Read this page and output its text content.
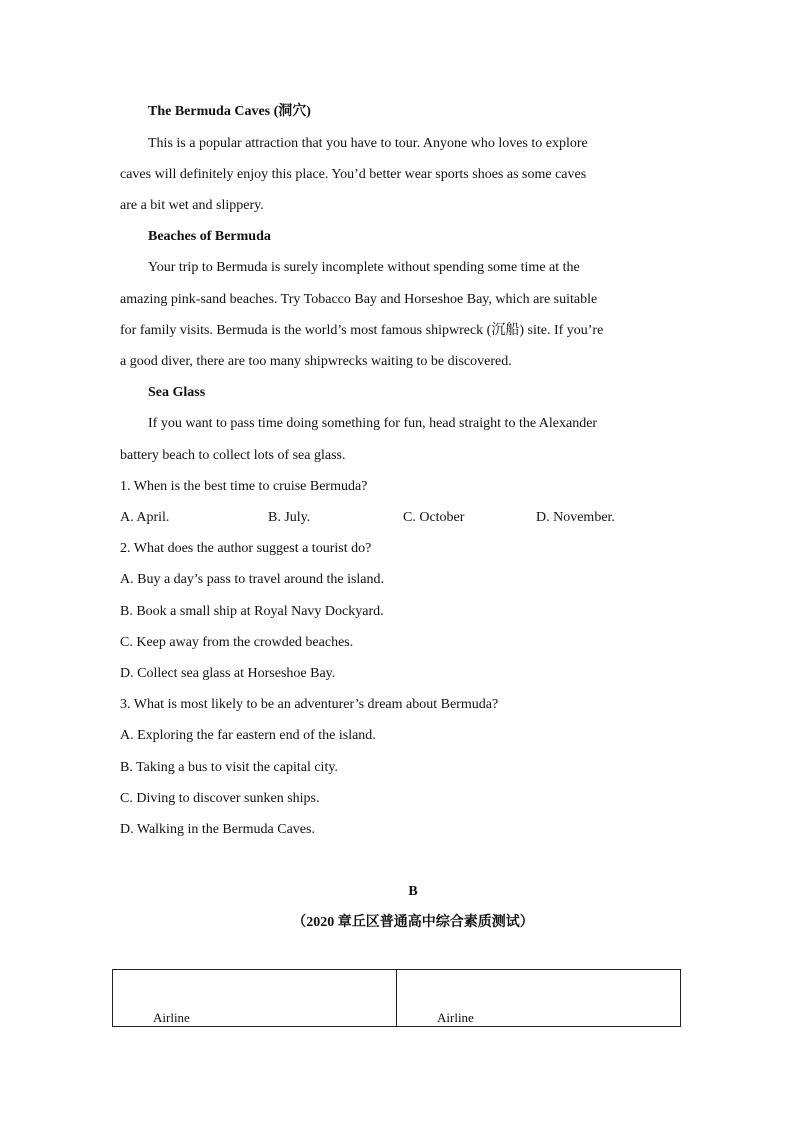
The Bermuda Caves (洞穴)
This is a popular attraction that you have to tour. Anyone who loves to explore
caves will definitely enjoy this place. You’d better wear sports shoes as some caves
are a bit wet and slippery.
Beaches of Bermuda
Your trip to Bermuda is surely incomplete without spending some time at the
amazing pink-sand beaches. Try Tobacco Bay and Horseshoe Bay, which are suitable
for family visits. Bermuda is the world’s most famous shipwreck (沉船) site. If you’re
a good diver, there are too many shipwrecks waiting to be discovered.
Sea Glass
If you want to pass time doing something for fun, head straight to the Alexander
battery beach to collect lots of sea glass.
1. When is the best time to cruise Bermuda?
A. April.	B. July.	C. October	D. November.
2. What does the author suggest a tourist do?
A. Buy a day’s pass to travel around the island.
B. Book a small ship at Royal Navy Dockyard.
C. Keep away from the crowded beaches.
D. Collect sea glass at Horseshoe Bay.
3. What is most likely to be an adventurer’s dream about Bermuda?
A. Exploring the far eastern end of the island.
B. Taking a bus to visit the capital city.
C. Diving to discover sunken ships.
D. Walking in the Bermuda Caves.
B
（2020 章丘区普通高中综合素质测试）
Airline	Airline
